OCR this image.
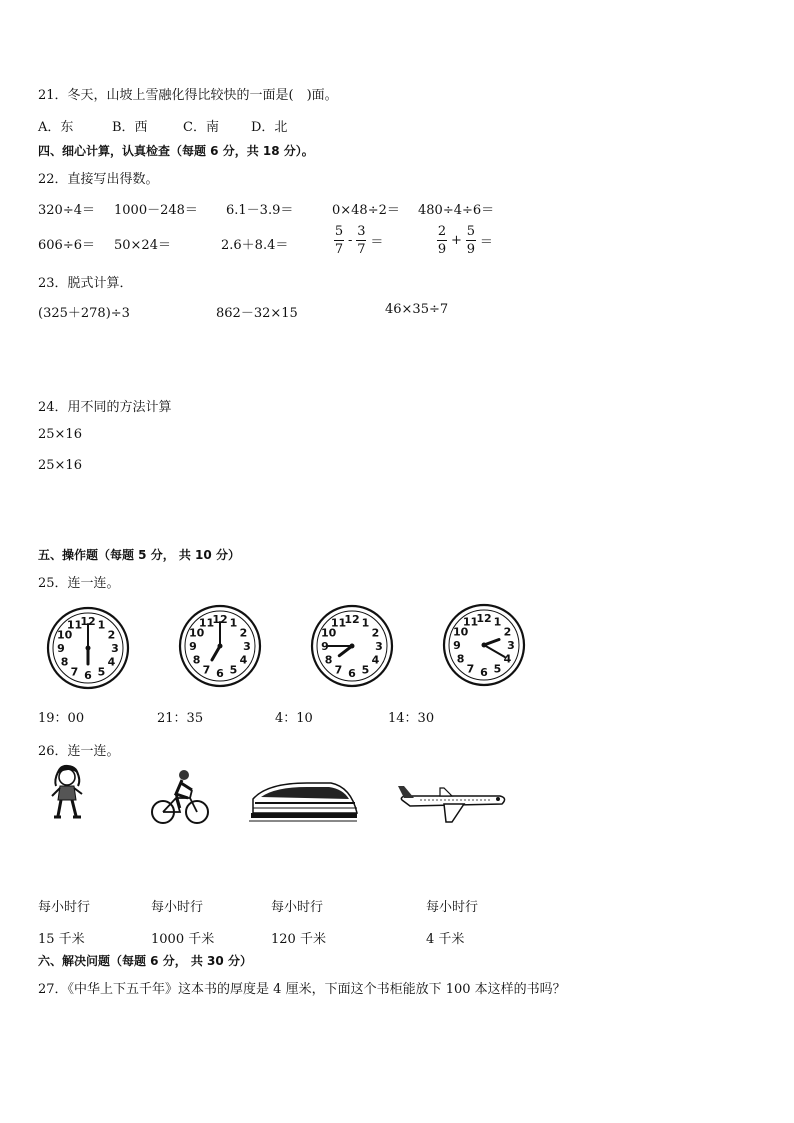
21．冬天，山坡上雪融化得比较快的一面是(　)面。
A．东	B．西	C．南 D．北
四、细心计算，认真检查（每题 6 分，共 18 分）。
22．直接写出得数。
320÷4＝ 1000－248＝ 6.1－3.9＝	0×48÷2＝ 480÷4÷6＝
606÷6＝ 50×24＝	2.6＋8.4＝	$\frac{5}{7} - \frac{3}{7}$ ＝	$\frac{2}{9} + \frac{5}{9}$ ＝
23．脱式计算．
(325＋278)÷3	862－32×15	46×35÷7
24．用不同的方法计算
25×16
25×16
五、操作题（每题 5 分， 共 10 分）
25．连一连。
1
2
3
4
5
6
7
8
9
10
11
12	1
2
3
4
5
6
7
8
9
10
11
12	1
2
3
4
5
6
7
8
9
10
11
12	1
2
3
4
5
6
7
8
9
10
11
12
19：00	21：35	4：10	14：30
26．连一连。
每小时行	每小时行	每小时行	每小时行
15 千米	1000 千米	120 千米	4 千米
六、解决问题（每题 6 分， 共 30 分）
27．《中华上下五千年》这本书的厚度是 4 厘米，下面这个书柜能放下 100 本这样的书吗？
